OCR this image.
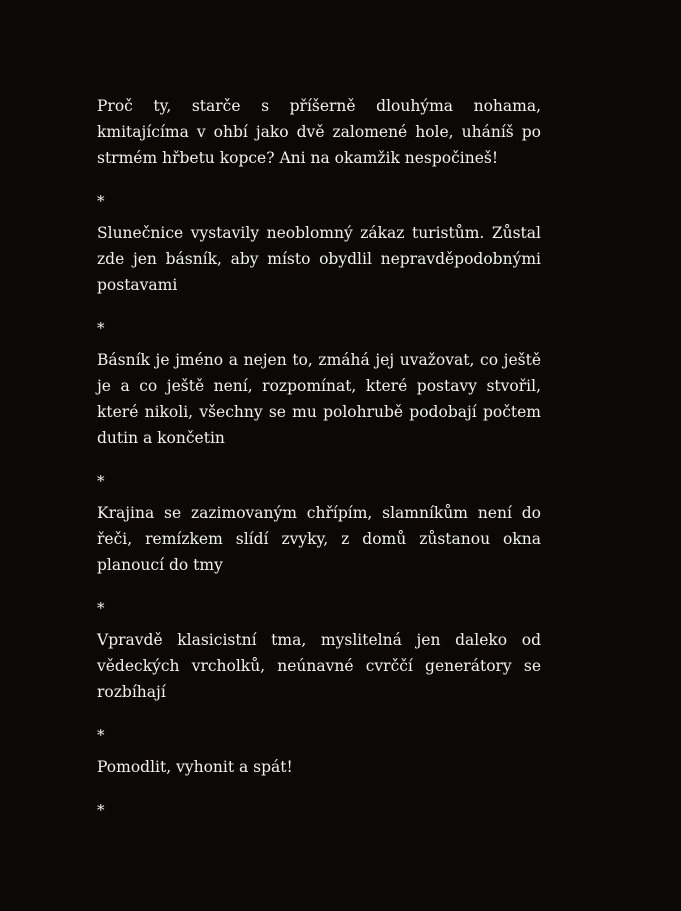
Proč ty, starče s příšerně dlouhýma nohama, kmitajícíma v ohbí jako dvě zalomené hole, uháníš po strmém hřbetu kopce? Ani na okamžik nespočineš!

*

Slunečnice vystavily neoblomný zákaz turistům. Zůstal zde jen básník, aby místo obydlil nepravděpodobnými postavami

*

Básník je jméno a nejen to, zmáhá jej uvažovat, co ještě je a co ještě není, rozpomínat, které postavy stvořil, které nikoli, všechny se mu polohrubě podobají počtem dutin a končetin

*

Krajina se zazimovaným chřípím, slamníkům není do řeči, remízkem slídí zvyky, z domů zůstanou okna planoucí do tmy

*

Vpravdě klasicistní tma, myslitelná jen daleko od vědeckých vrcholků, neúnavné cvrččí generátory se rozbíhají

*

Pomodlit, vyhonit a spát!

*
